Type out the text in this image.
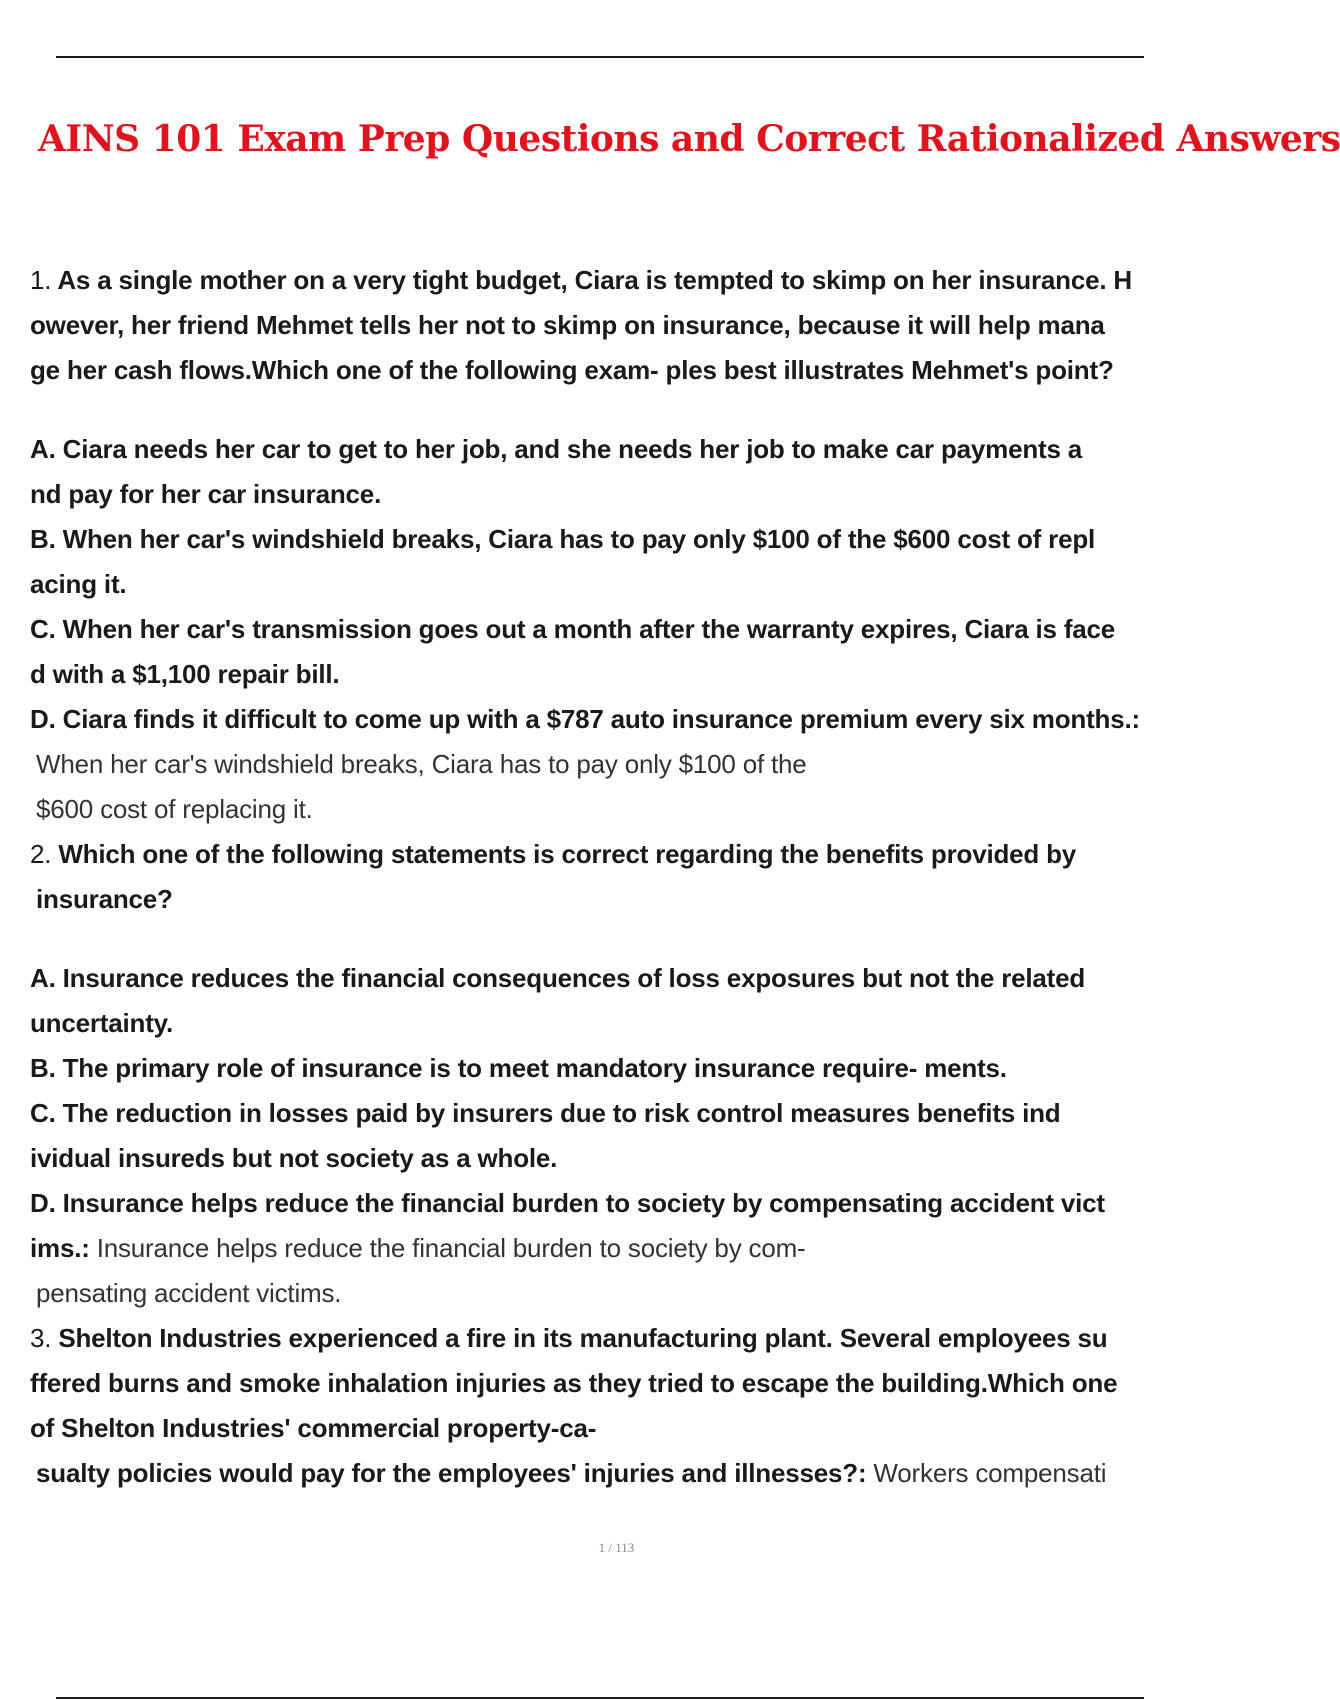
AINS 101 Exam Prep Questions and Correct Rationalized Answers
1. As a single mother on a very tight budget, Ciara is tempted to skimp on her insurance. H
owever, her friend Mehmet tells her not to skimp on insurance, because it will help mana
ge her cash flows.Which one of the following exam- ples best illustrates Mehmet's point?
A. Ciara needs her car to get to her job, and she needs her job to make car payments a
nd pay for her car insurance.
B. When her car's windshield breaks, Ciara has to pay only $100 of the $600 cost of repl
acing it.
C. When her car's transmission goes out a month after the warranty expires, Ciara is face
d with a $1,100 repair bill.
D. Ciara finds it difficult to come up with a $787 auto insurance premium every six months.:
When her car's windshield breaks, Ciara has to pay only $100 of the
$600 cost of replacing it.
2. Which one of the following statements is correct regarding the benefits provided by
insurance?
A. Insurance reduces the financial consequences of loss exposures but not the related
uncertainty.
B. The primary role of insurance is to meet mandatory insurance require- ments.
C. The reduction in losses paid by insurers due to risk control measures benefits ind
ividual insureds but not society as a whole.
D. Insurance helps reduce the financial burden to society by compensating accident vict
ims.: Insurance helps reduce the financial burden to society by com-
pensating accident victims.
3. Shelton Industries experienced a fire in its manufacturing plant. Several employees su
ffered burns and smoke inhalation injuries as they tried to escape the building.Which one
of Shelton Industries' commercial property-ca-
sualty policies would pay for the employees' injuries and illnesses?: Workers compensati
1 / 113
